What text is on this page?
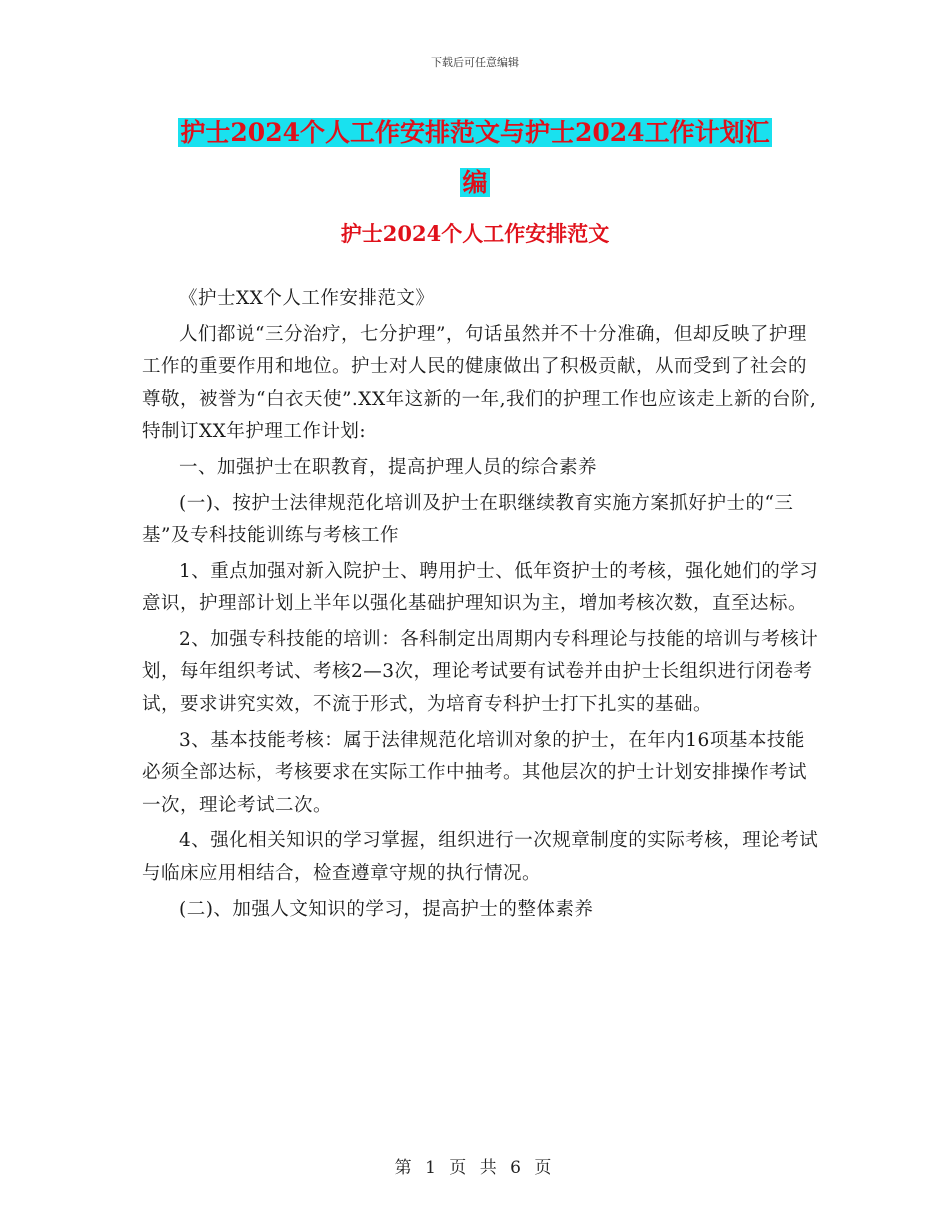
下载后可任意编辑
护士2024个人工作安排范文与护士2024工作计划汇
编
护士2024个人工作安排范文

《护士XX个人工作安排范文》

人们都说“三分治疗，七分护理”，句话虽然并不十分准确，但却反映了护理工作的重要作用和地位。护士对人民的健康做出了积极贡献，从而受到了社会的尊敬，被誉为“白衣天使”.XX年这新的一年,我们的护理工作也应该走上新的台阶,特制订XX年护理工作计划:

一、加强护士在职教育，提高护理人员的综合素养

(一)、按护士法律规范化培训及护士在职继续教育实施方案抓好护士的“三基”及专科技能训练与考核工作

1、重点加强对新入院护士、聘用护士、低年资护士的考核，强化她们的学习意识，护理部计划上半年以强化基础护理知识为主，增加考核次数，直至达标。

2、加强专科技能的培训：各科制定出周期内专科理论与技能的培训与考核计划，每年组织考试、考核2—3次，理论考试要有试卷并由护士长组织进行闭卷考试，要求讲究实效，不流于形式，为培育专科护士打下扎实的基础。

3、基本技能考核：属于法律规范化培训对象的护士，在年内16项基本技能必须全部达标，考核要求在实际工作中抽考。其他层次的护士计划安排操作考试一次，理论考试二次。

4、强化相关知识的学习掌握，组织进行一次规章制度的实际考核，理论考试与临床应用相结合，检查遵章守规的执行情况。

(二)、加强人文知识的学习，提高护士的整体素养

第 1 页 共 6 页
